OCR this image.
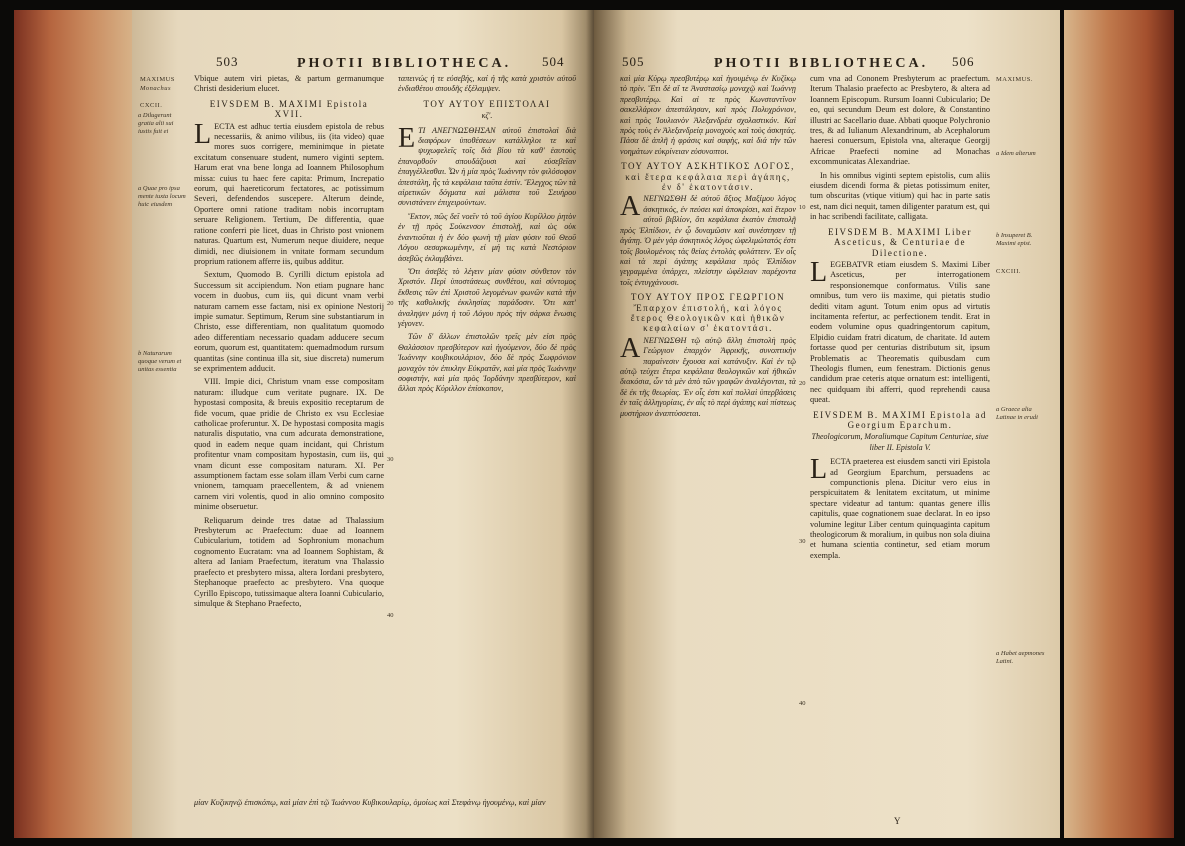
503	PHOTII BIBLIOTHECA. 504
MAXIMUS
Monachus
CXCII.
a Dilugerunt gratia alii sui iustis fuit ei
a Quae pro ipsa mente iuxta locum huic eiusdem
b Naturarum quoque verum et unitas essentia

Vbique autem viri pietas, & partum germanumque Christi desiderium elucet.

EIVSDEM B. MAXIMI Epistola XVII.

LECTA est adhuc tertia eiusdem epistola de rebus necessariis, & animo vilibus, iis (ita video) quae mores suos corrigere, meminimque in pietate excitatum consenuare student, numero viginti septem. Harum erat vna bene longa ad Ioannem Philosophum missa: cuius tu haec fere capita: Primum, Increpatio eorum, qui haereticorum fectatores, ac potissimum Severi, defendendos suscepere. Alterum deinde, Oportere omni ratione traditam nobis incorruptam seruare Religionem. Tertium, De differentia, quae ratione conferri pie licet, duas in Christo post vnionem naturas. Quartum est, Numerum neque diuidere, neque dimidi, nec diuisionem in vnitate formam secundum proprium rationem afferre iis, quibus additur.

Sextum, Quomodo B. Cyrilli dictum epistola ad Successum sit accipiendum. Non etiam pugnare hanc vocem in duobus, cum iis, qui dicunt vnam verbi naturam carnem esse factam, nisi ex opinione Nestorij impie sumatur. Septimum, Rerum sine substantiarum in Christo, esse differentiam, non qualitatum quomodo adeo differentiam necessario quadam adducere secum eorum, quorum est, quantitatem: quemadmodum rursum quantitas (sine continua illa sit, siue discreta) numerum se exprimentem adducit.

VIII. Impie dici, Christum vnam esse compositam naturam: illudque cum veritate pugnare. IX. De hypostasi composita, & breuis expositio receptarum de fide vocum, quae pridie de Christo ex vsu Ecclesiae catholicae proferuntur. X. De hypostasi composita magis naturalis disputatio, vna cum adcurata demonstratione, quod in eadem neque quam incidant, qui Christum profitentur vnam compositam hypostasin, cum iis, qui vnam dicunt esse compositam naturam. XI. Per assumptionem factam esse solam illam Verbi cum carne vnionem, tamquam praecellentem, & ad vnienem carnem viri volentis, quod in alio omnino composito minime obseruetur.

Reliquarum deinde tres datae ad Thalassium Presbyterum ac Praefectum: duae ad Ioannem Cubicularium, totidem ad Sophronium monachum cognomento Eucratam: vna ad Ioannem Sophistam, & altera ad Ianiam Praefectum, iteratum vna Thalassio praefecto et presbytero missa, altera Iordani presbytero, Stephanoque praefecto ac presbytero. Vna quoque Cyrillo Episcopo, tutissimaque altera Ioanni Cubiculario, simulque & Stephano Praefecto,

20
30
40

ταπεινώς ή τε εὐσεβής, καί ή τῆς κατὰ χριστὸν αὐτοῦ ἐνδιαθέτου σπουδῆς ἐξέλαμψεν.

ΤΟΥ ΑΥΤΟΥ ΕΠΙΣΤΟΛΑΙ
κζ'.

ΕΤΙ ΑΝΕΓΝΩΣΘΗΣΑΝ αὐτοῦ ἐπιστολαὶ διὰ διαφόρων ὑποθέσεων κατάλληλοι τε καὶ ψυχωφελεῖς τοῖς διὰ βίου τὰ καθ' ἑαυτοὺς ἐπανορθοῦν σπουδάζουσι καὶ εὐσεβεῖαν ἐπαγγέλλεσθαι. Ὧν ἡ μία πρὸς Ἰωάννην τὸν φιλόσοφον ἀπεστάλη, ἧς τὰ κεφάλαια ταῦτα ἐστίν. Ἔλεγχος τῶν τὰ αἱρετικῶν δόγματα καὶ μάλιστα τοῦ Σευήρου συνιστάνειν ἐπιχειρούντων.

Ἕκτον, πῶς δεῖ νοεῖν τὸ τοῦ ἁγίου Κυρίλλου ῥητὸν ἐν τῇ πρὸς Σούκενσον ἐπιστολῇ, καὶ ὡς οὐκ ἐναντιοῦται ἡ ἐν δύο φωνὴ τῇ μίαν φύσιν τοῦ Θεοῦ Λόγου σεσαρκωμένην, εἰ μή τις κατὰ Νεστόριον ἀσεβῶς ἐκλαμβάνει.

Ὅτι ἀσεβὲς τὸ λέγειν μίαν φύσιν σύνθετον τὸν Χριστόν. Περὶ ὑποστάσεως συνθέτου, καὶ σύντομος ἔκθεσις τῶν ἐπὶ Χριστοῦ λεγομένων φωνῶν κατὰ τὴν τῆς καθολικῆς ἐκκλησίας παράδοσιν. Ὅτι κατ' ἀναληψιν μόνη ἡ τοῦ Λόγου πρὸς τὴν σάρκα ἕνωσις γέγονεν.

Τῶν δ' ἄλλων ἐπιστολῶν τρεῖς μὲν εἰσι πρὸς Θαλάσσιον πρεσβύτερον καὶ ἡγούμενον, δύο δὲ πρὸς Ἰωάννην κουβικουλάριον, δύο δὲ πρὸς Σωφρόνιον μοναχὸν τὸν ἐπικλην Εὐκρατᾶν, καὶ μία πρὸς Ἰωάννην σοφιστήν, καὶ μία πρὸς Ἰορδάνην πρεσβύτερον, καὶ ἄλλαι πρὸς Κύριλλον ἐπίσκοπον,

μίαν Κυζικηνῷ ἐπισκόπῳ, καὶ μίαν ἐπὶ τῷ Ἰωάννου Κυβικουλαρίῳ, ὁμοίως καὶ Στεφάνῳ ἡγουμένῳ, καὶ μίαν
505	PHOTII BIBLIOTHECA. 506
MAXIMUS.
CXCIII.
a Idem alterum
b Insuperet B. Maximi epist.
a Graece alia Latinae in erudi
a Habet aepmones Latini.

καὶ μία Κύρῳ πρεσβυτέρῳ καὶ ἡγουμένῳ ἐν Κυζίκῳ τὸ πρὶν. Ἔτι δὲ αἵ τε Ἀναστασίῳ μοναχῷ καὶ Ἰωάννῃ πρεσβυτέρῳ. Καὶ αἱ τε πρὸς Κωνσταντῖνον σακελλάριον ἀπεστάλησαν, καὶ πρὸς Πολυχρόνιον, καὶ πρὸς Ἰουλιανὸν Ἀλεξανδρέα σχολαστικόν. Καὶ πρὸς τοὺς ἐν Ἀλεξανδρείᾳ μοναχοὺς καὶ τοὺς ἀσκητάς. Πάσα δὲ ἀπλῆ ἡ φράσις καὶ σαφὴς, καὶ διά τὴν τῶν νοημάτων εὐκρίνειαν εὐσυνοπτοι.

ΤΟΥ ΑΥΤΟΥ ΑΣΚΗΤΙΚΟΣ ΛΟΓΟΣ, καὶ ἕτερα κεφάλαια περὶ ἀγάπης, ἐν δ' ἑκατοντάσιν.

ΑΝΕΓΝΩΣΘΗ δὲ αὐτοῦ ἄξιος Μαξίμου λόγος ἀσκητικός, ἐν πεύσει καὶ ἀποκρίσει, καὶ ἕτερον αὐτοῦ βιβλίον, ὅτι κεφάλαια ἐκατὸν ἐπιστολῇ πρὸς Ἐλπίδιον, ἐν ᾧ δυναμῶσιν καὶ συνέστησεν τῇ ἀγάπῃ. Ὁ μὲν γὰρ ἀσκητικὸς λόγος ὠφελιμώτατός ἐστι τοῖς βουλομένοις τὰς θείας ἐντολὰς φυλάττειν. Ἐν οἷς καὶ τὰ περὶ ἀγάπης κεφάλαια πρὸς Ἐλπίδιον γεγραμμένα ὑπάρχει, πλείστην ὠφέλειαν παρέχοντα τοῖς ἐντυγχάνουσι.

ΤΟΥ ΑΥΤΟΥ ΠΡΟΣ ΓΕΩΡΓΙΟΝ Ἔπαρχον ἐπιστολή, καὶ λόγος ἕτερος Θεολογικῶν καὶ ἠθικῶν κεφαλαίων σ' ἑκατοντάσι.

ΑΝΕΓΝΩΣΘΗ τῷ αὐτῷ ἄλλη ἐπιστολὴ πρὸς Γεώργιον ἐπαρχὸν Ἀφρικῆς, συνοπτικὴν παραίνεσιν ἔχουσα καὶ κατάνυξιν. Καὶ ἐν τῷ αὐτῷ τεύχει ἕτερα κεφάλαια θεολογικῶν καὶ ἠθικῶν διακόσια, ὧν τὰ μὲν ἀπὸ τῶν γραφῶν ἀναλέγονται, τὰ δὲ ἐκ τῆς θεωρίας. Ἐν οἷς ἐστι καὶ πολλαὶ ὑπερβάσεις ἐν ταῖς ἀλληγορίαις, ἐν αἷς τὸ περὶ ἀγάπης καὶ πίστεως μυστήριον ἀναπτύσσεται.

10
20
30
40

cum vna ad Cononem Presbyterum ac praefectum. Iterum Thalasio praefecto ac Presbytero, & altera ad Ioannem Episcopum. Rursum Ioanni Cubiculario; De eo, qui secundum Deum est dolore, & Constantino illustri ac Sacellario duae. Abbati quoque Polychronio tres, & ad Iulianum Alexandrinum, ab Acephalorum haeresi conuersum, Epistola vna, alteraque Georgij Africae Praefecti nomine ad Monachas excommunicatas Alexandriae.

In his omnibus viginti septem epistolis, cum aliis eiusdem dicendi forma & pietas potissimum eniter, tum obscuritas (vtique vitium) qui hac in parte satis est, nam dici nequit, tamen diligenter paratum est, qui in hac scribendi facilitate, calligata.

EIVSDEM B. MAXIMI Liber Asceticus, & Centuriae de Dilectione.

LEGEBATVR etiam eiusdem S. Maximi Liber Asceticus, per interrogationem responsionemque conformatus. Vtilis sane omnibus, tum vero iis maxime, qui pietatis studio dediti vitam agunt. Totum enim opus ad virtutis incitamenta refertur, ac perfectionem tendit. Erat in eodem volumine opus quadringentorum capitum, Elpidio cuidam fratri dicatum, de charitate. Id autem fortasse quod per centurias distributum sit, ipsum Problematis ac Theorematis quibusdam cum Theologis flumen, eum fenestram. Dictionis genus candidum prae ceteris atque ornatum est: intelligenti, nec quidquam ibi afferri, quod reprehendi causa queat.

EIVSDEM B. MAXIMI Epistola ad Georgium Eparchum.
Theologicorum, Moraliumque Capitum Centuriae, siue liber II. Epistola V.

LECTA praeterea est eiusdem sancti viri Epistola ad Georgium Eparchum, persuadens ac compunctionis plena. Dicitur vero eius in perspicuitatem & lenitatem excitatum, ut minime spectare videatur ad tantum: quantas genere illis capitulis, quae cognationem suae declarat. In eo ipso volumine legitur Liber centum quinquaginta capitum theologicorum & moralium, in quibus non sola diuina et humana scientia continetur, sed etiam morum exempla.

Y
